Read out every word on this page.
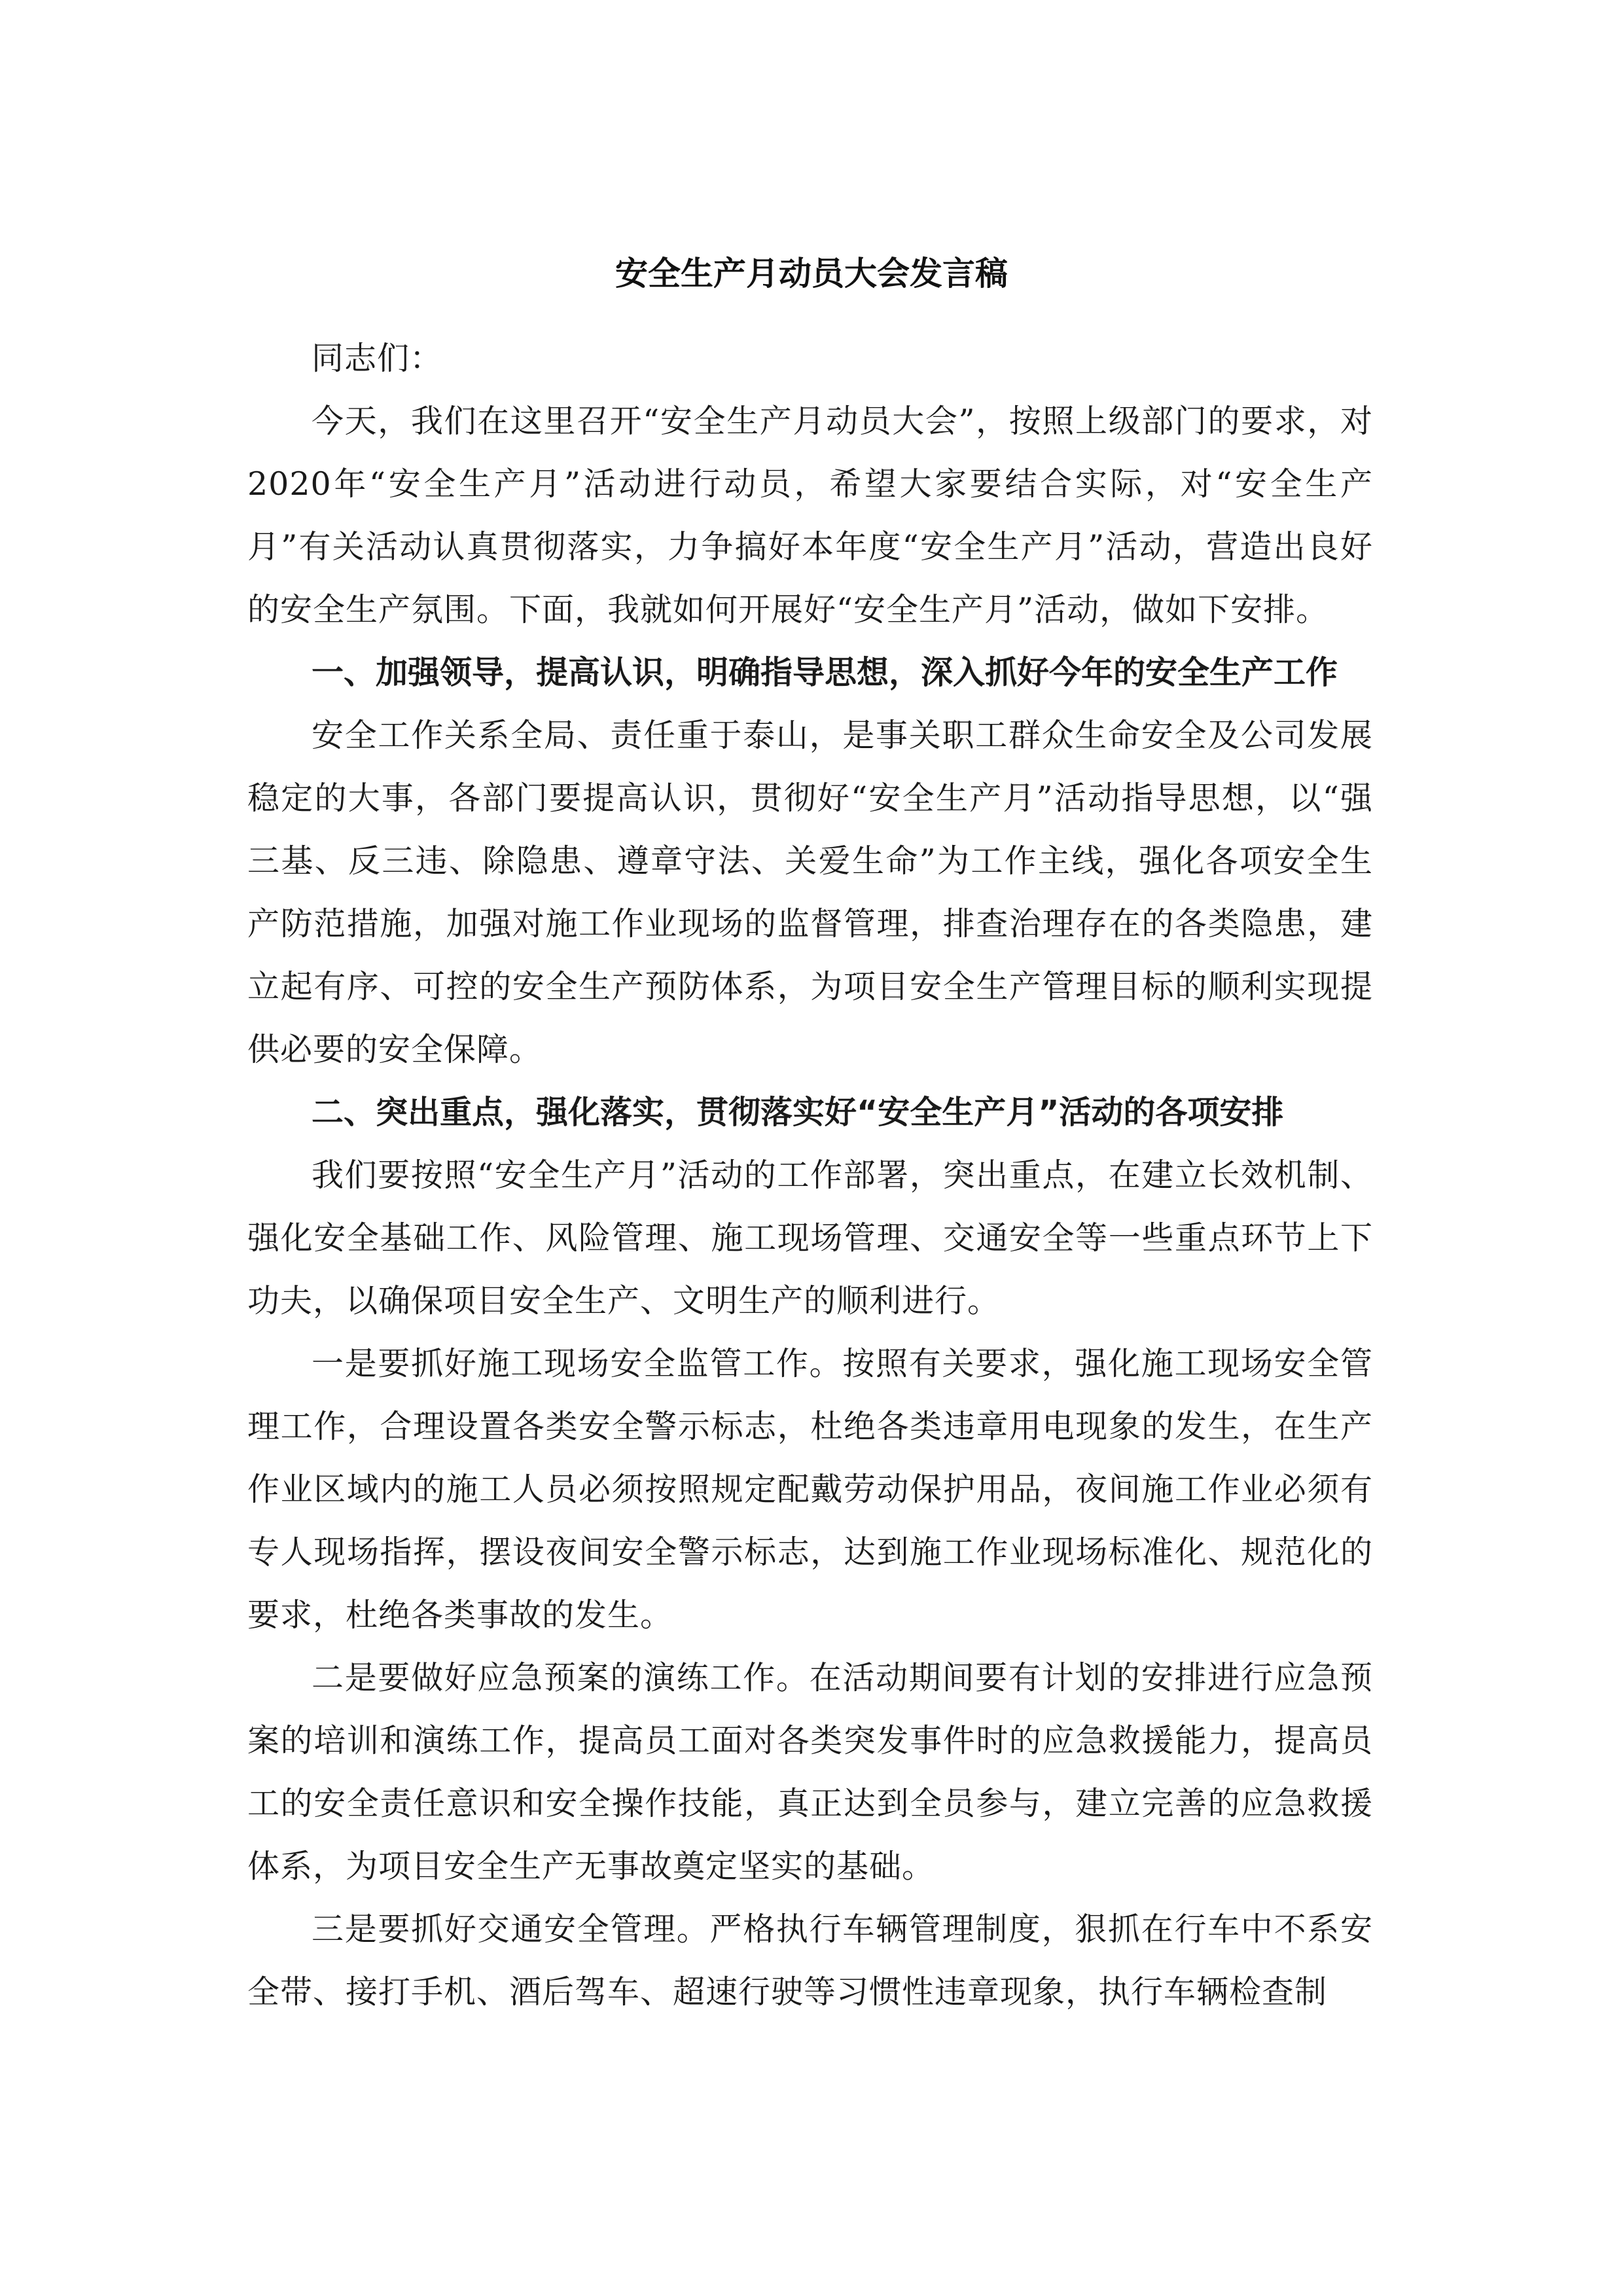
安全生产月动员大会发言稿

同志们：

今天，我们在这里召开“安全生产月动员大会”，按照上级部门的要求，对2020年“安全生产月”活动进行动员，希望大家要结合实际，对“安全生产月”有关活动认真贯彻落实，力争搞好本年度“安全生产月”活动，营造出良好的安全生产氛围。下面，我就如何开展好“安全生产月”活动，做如下安排。

一、加强领导，提高认识，明确指导思想，深入抓好今年的安全生产工作

安全工作关系全局、责任重于泰山，是事关职工群众生命安全及公司发展稳定的大事，各部门要提高认识，贯彻好“安全生产月”活动指导思想，以“强三基、反三违、除隐患、遵章守法、关爱生命”为工作主线，强化各项安全生产防范措施，加强对施工作业现场的监督管理，排查治理存在的各类隐患，建立起有序、可控的安全生产预防体系，为项目安全生产管理目标的顺利实现提供必要的安全保障。

二、突出重点，强化落实，贯彻落实好“安全生产月”活动的各项安排

我们要按照“安全生产月”活动的工作部署，突出重点，在建立长效机制、强化安全基础工作、风险管理、施工现场管理、交通安全等一些重点环节上下功夫，以确保项目安全生产、文明生产的顺利进行。

一是要抓好施工现场安全监管工作。按照有关要求，强化施工现场安全管理工作，合理设置各类安全警示标志，杜绝各类违章用电现象的发生，在生产作业区域内的施工人员必须按照规定配戴劳动保护用品，夜间施工作业必须有专人现场指挥，摆设夜间安全警示标志，达到施工作业现场标准化、规范化的要求，杜绝各类事故的发生。

二是要做好应急预案的演练工作。在活动期间要有计划的安排进行应急预案的培训和演练工作，提高员工面对各类突发事件时的应急救援能力，提高员工的安全责任意识和安全操作技能，真正达到全员参与，建立完善的应急救援体系，为项目安全生产无事故奠定坚实的基础。

三是要抓好交通安全管理。严格执行车辆管理制度，狠抓在行车中不系安全带、接打手机、酒后驾车、超速行驶等习惯性违章现象，执行车辆检查制
